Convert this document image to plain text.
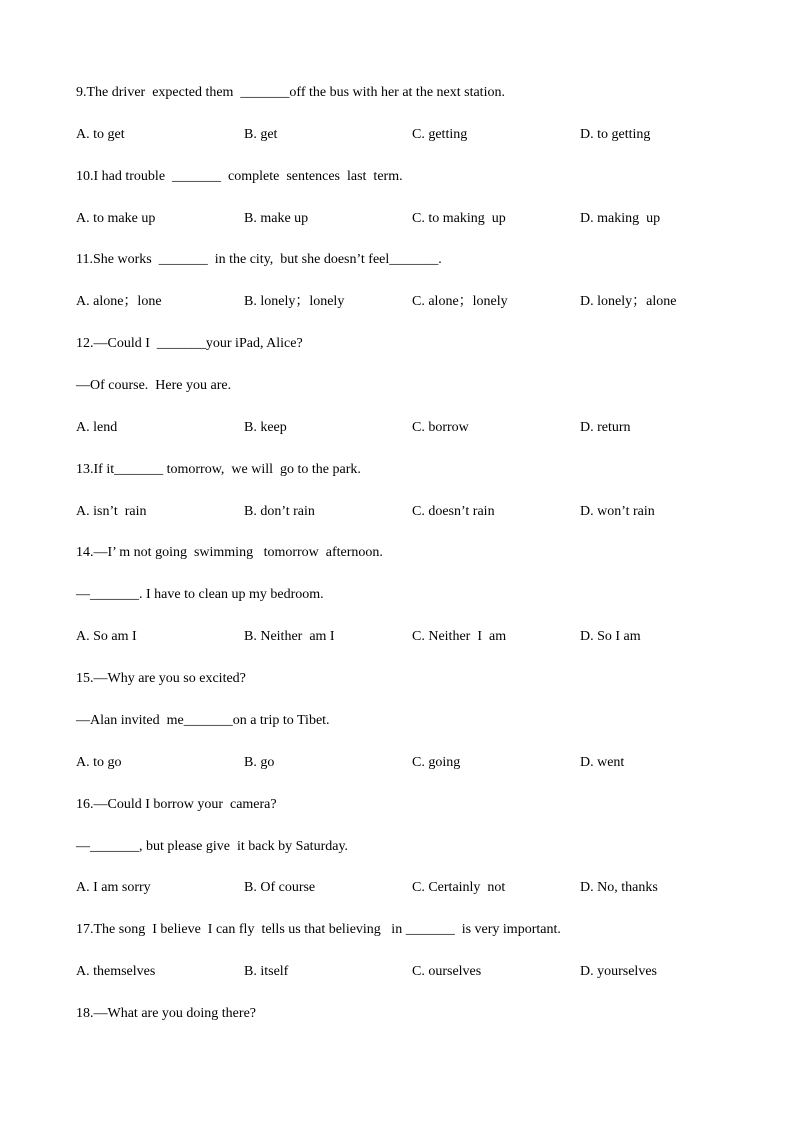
9.The driver  expected them  _______off the bus with her at the next station.
A. to get	B. get	C. getting	D. to getting
10.I had trouble  _______  complete  sentences  last  term.
A. to make up	B. make up	C. to making  up	D. making  up
11.She works  _______  in the city,  but she doesn’t feel_______.
A. alone；lone	B. lonely；lonely	C. alone；lonely	D. lonely；alone
12.—Could I  _______your iPad, Alice?
—Of course.  Here you are.
A. lend	B. keep	C. borrow	D. return
13.If it_______ tomorrow,  we will  go to the park.
A. isn’t  rain	B. don’t rain	C. doesn’t rain	D. won’t rain
14.—I’ m not going  swimming   tomorrow  afternoon.
—_______. I have to clean up my bedroom.
A. So am I	B. Neither  am I	C. Neither  I  am	D. So I am
15.—Why are you so excited?
—Alan invited  me_______on a trip to Tibet.
A. to go	B. go	C. going	D. went
16.—Could I borrow your  camera?
—_______, but please give  it back by Saturday.
A. I am sorry	B. Of course	C. Certainly  not	D. No, thanks
17.The song  I believe  I can fly  tells us that believing   in _______  is very important.
A. themselves	B. itself	C. ourselves	D. yourselves
18.—What are you doing there?
